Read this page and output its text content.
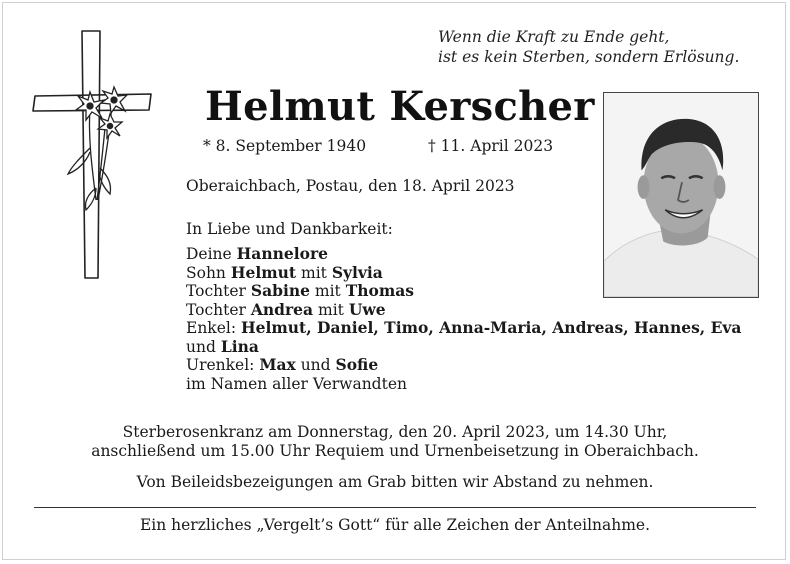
Wenn die Kraft zu Ende geht,
ist es kein Sterben, sondern Erlösung.
Helmut Kerscher
* 8. September 1940	† 11. April 2023
Oberaichbach, Postau, den 18. April 2023
In Liebe und Dankbarkeit:
Deine Hannelore
Sohn Helmut mit Sylvia
Tochter Sabine mit Thomas
Tochter Andrea mit Uwe
Enkel: Helmut, Daniel, Timo, Anna-Maria, Andreas, Hannes, Eva
und Lina
Urenkel: Max und Sofie
im Namen aller Verwandten
Sterberosenkranz am Donnerstag, den 20. April 2023, um 14.30 Uhr,
anschließend um 15.00 Uhr Requiem und Urnenbeisetzung in Oberaichbach.
Von Beileidsbezeigungen am Grab bitten wir Abstand zu nehmen.
Ein herzliches „Vergelt’s Gott“ für alle Zeichen der Anteilnahme.
